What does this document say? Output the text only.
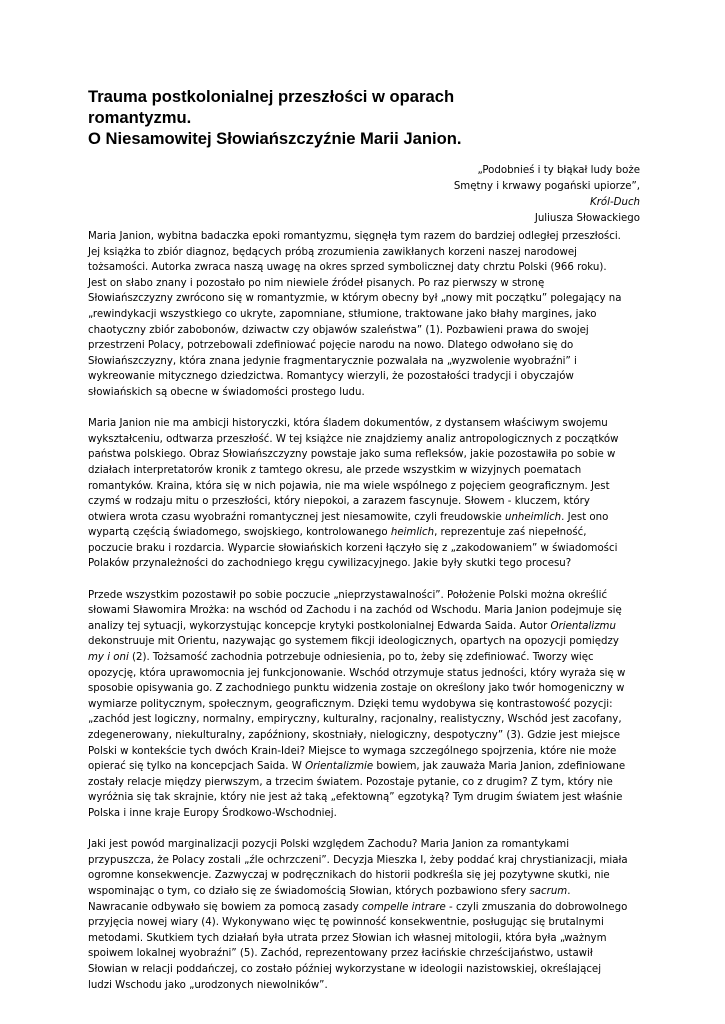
Trauma postkolonialnej przeszłości w oparach
romantyzmu.
O Niesamowitej Słowiańszczyźnie Marii Janion.
„Podobnieś i ty błąkał ludy boże
Smętny i krwawy pogański upiorze”,
Król-Duch
Juliusza Słowackiego

Maria Janion, wybitna badaczka epoki romantyzmu, sięgnęła tym razem do bardziej odległej przeszłości.
Jej książka to zbiór diagnoz, będących próbą zrozumienia zawikłanych korzeni naszej narodowej
tożsamości. Autorka zwraca naszą uwagę na okres sprzed symbolicznej daty chrztu Polski (966 roku).
Jest on słabo znany i pozostało po nim niewiele źródeł pisanych. Po raz pierwszy w stronę
Słowiańszczyzny zwrócono się w romantyzmie, w którym obecny był „nowy mit początku” polegający na
„rewindykacji wszystkiego co ukryte, zapomniane, stłumione, traktowane jako błahy margines, jako
chaotyczny zbiór zabobonów, dziwactw czy objawów szaleństwa” (1). Pozbawieni prawa do swojej
przestrzeni Polacy, potrzebowali zdefiniować pojęcie narodu na nowo. Dlatego odwołano się do
Słowiańszczyzny, która znana jedynie fragmentarycznie pozwalała na „wyzwolenie wyobraźni” i
wykreowanie mitycznego dziedzictwa. Romantycy wierzyli, że pozostałości tradycji i obyczajów
słowiańskich są obecne w świadomości prostego ludu.

Maria Janion nie ma ambicji historyczki, która śladem dokumentów, z dystansem właściwym swojemu
wykształceniu, odtwarza przeszłość. W tej książce nie znajdziemy analiz antropologicznych z początków
państwa polskiego. Obraz Słowiańszczyzny powstaje jako suma refleksów, jakie pozostawiła po sobie w
działach interpretatorów kronik z tamtego okresu, ale przede wszystkim w wizyjnych poematach
romantyków. Kraina, która się w nich pojawia, nie ma wiele wspólnego z pojęciem geograficznym. Jest
czymś w rodzaju mitu o przeszłości, który niepokoi, a zarazem fascynuje. Słowem - kluczem, który
otwiera wrota czasu wyobraźni romantycznej jest niesamowite, czyli freudowskie unheimlich. Jest ono
wypartą częścią świadomego, swojskiego, kontrolowanego heimlich, reprezentuje zaś niepełność,
poczucie braku i rozdarcia. Wyparcie słowiańskich korzeni łączyło się z „zakodowaniem” w świadomości
Polaków przynależności do zachodniego kręgu cywilizacyjnego. Jakie były skutki tego procesu?

Przede wszystkim pozostawił po sobie poczucie „nieprzystawalności”. Położenie Polski można określić
słowami Sławomira Mrożka: na wschód od Zachodu i na zachód od Wschodu. Maria Janion podejmuje się
analizy tej sytuacji, wykorzystując koncepcje krytyki postkolonialnej Edwarda Saida. Autor Orientalizmu
dekonstruuje mit Orientu, nazywając go systemem fikcji ideologicznych, opartych na opozycji pomiędzy
my i oni (2). Tożsamość zachodnia potrzebuje odniesienia, po to, żeby się zdefiniować. Tworzy więc
opozycję, która uprawomocnia jej funkcjonowanie. Wschód otrzymuje status jedności, który wyraża się w
sposobie opisywania go. Z zachodniego punktu widzenia zostaje on określony jako twór homogeniczny w
wymiarze politycznym, społecznym, geograficznym. Dzięki temu wydobywa się kontrastowość pozycji:
„zachód jest logiczny, normalny, empiryczny, kulturalny, racjonalny, realistyczny, Wschód jest zacofany,
zdegenerowany, niekulturalny, zapóźniony, skostniały, nielogiczny, despotyczny” (3). Gdzie jest miejsce
Polski w kontekście tych dwóch Krain-Idei? Miejsce to wymaga szczególnego spojrzenia, które nie może
opierać się tylko na koncepcjach Saida. W Orientalizmie bowiem, jak zauważa Maria Janion, zdefiniowane
zostały relacje między pierwszym, a trzecim światem. Pozostaje pytanie, co z drugim? Z tym, który nie
wyróżnia się tak skrajnie, który nie jest aż taką „efektowną” egzotyką? Tym drugim światem jest właśnie
Polska i inne kraje Europy Środkowo-Wschodniej.

Jaki jest powód marginalizacji pozycji Polski względem Zachodu? Maria Janion za romantykami
przypuszcza, że Polacy zostali „źle ochrzczeni”. Decyzja Mieszka I, żeby poddać kraj chrystianizacji, miała
ogromne konsekwencje. Zazwyczaj w podręcznikach do historii podkreśla się jej pozytywne skutki, nie
wspominając o tym, co działo się ze świadomością Słowian, których pozbawiono sfery sacrum.
Nawracanie odbywało się bowiem za pomocą zasady compelle intrare - czyli zmuszania do dobrowolnego
przyjęcia nowej wiary (4). Wykonywano więc tę powinność konsekwentnie, posługując się brutalnymi
metodami. Skutkiem tych działań była utrata przez Słowian ich własnej mitologii, która była „ważnym
spoiwem lokalnej wyobraźni” (5). Zachód, reprezentowany przez łacińskie chrześcijaństwo, ustawił
Słowian w relacji poddańczej, co zostało później wykorzystane w ideologii nazistowskiej, określającej
ludzi Wschodu jako „urodzonych niewolników”.
